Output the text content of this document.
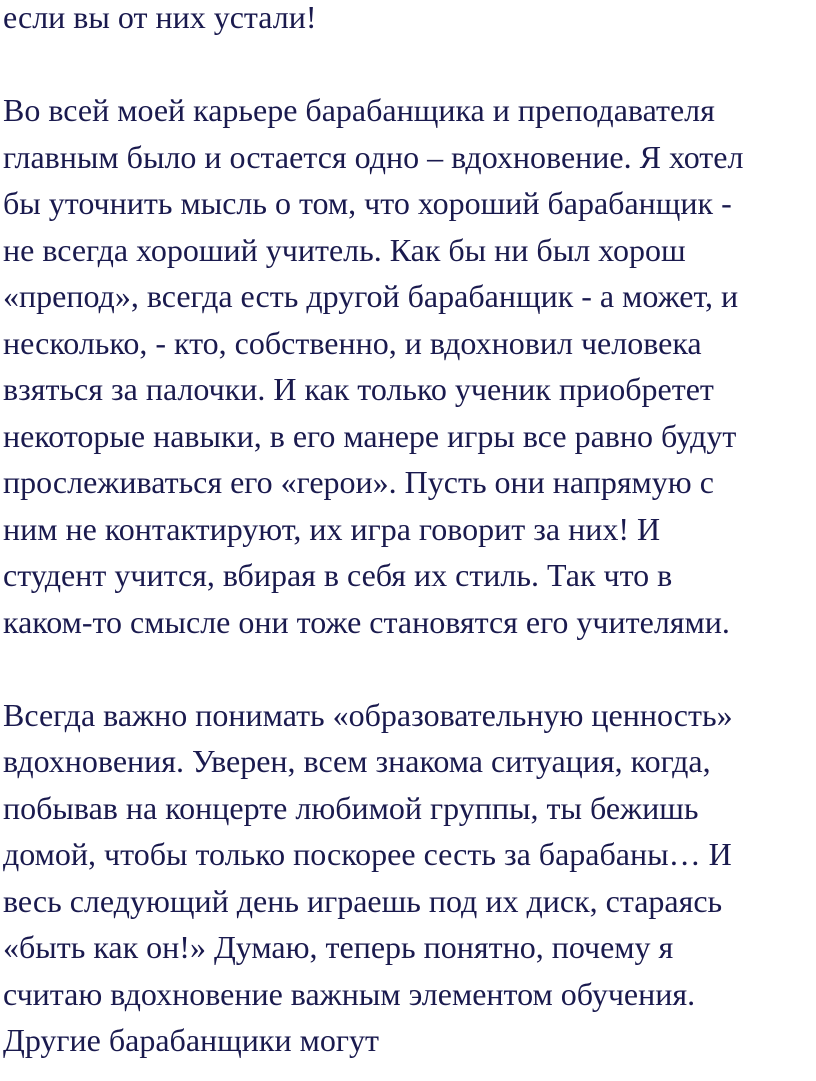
если вы от них устали!
Во всей моей карьере барабанщика и преподавателя
главным было и остается одно – вдохновение. Я хотел
бы уточнить мысль о том, что хороший барабанщик -
не всегда хороший учитель. Как бы ни был хорош
«препод», всегда есть другой барабанщик - а может, и
несколько, - кто, собственно, и вдохновил человека
взяться за палочки. И как только ученик приобретет
некоторые навыки, в его манере игры все равно будут
прослеживаться его «герои». Пусть они напрямую с
ним не контактируют, их игра говорит за них! И
студент учится, вбирая в себя их стиль. Так что в
каком-то смысле они тоже становятся его учителями.
Всегда важно понимать «образовательную ценность»
вдохновения. Уверен, всем знакома ситуация, когда,
побывав на концерте любимой группы, ты бежишь
домой, чтобы только поскорее сесть за барабаны… И
весь следующий день играешь под их диск, стараясь
«быть как он!» Думаю, теперь понятно, почему я
считаю вдохновение важным элементом обучения.
Другие барабанщики могут
